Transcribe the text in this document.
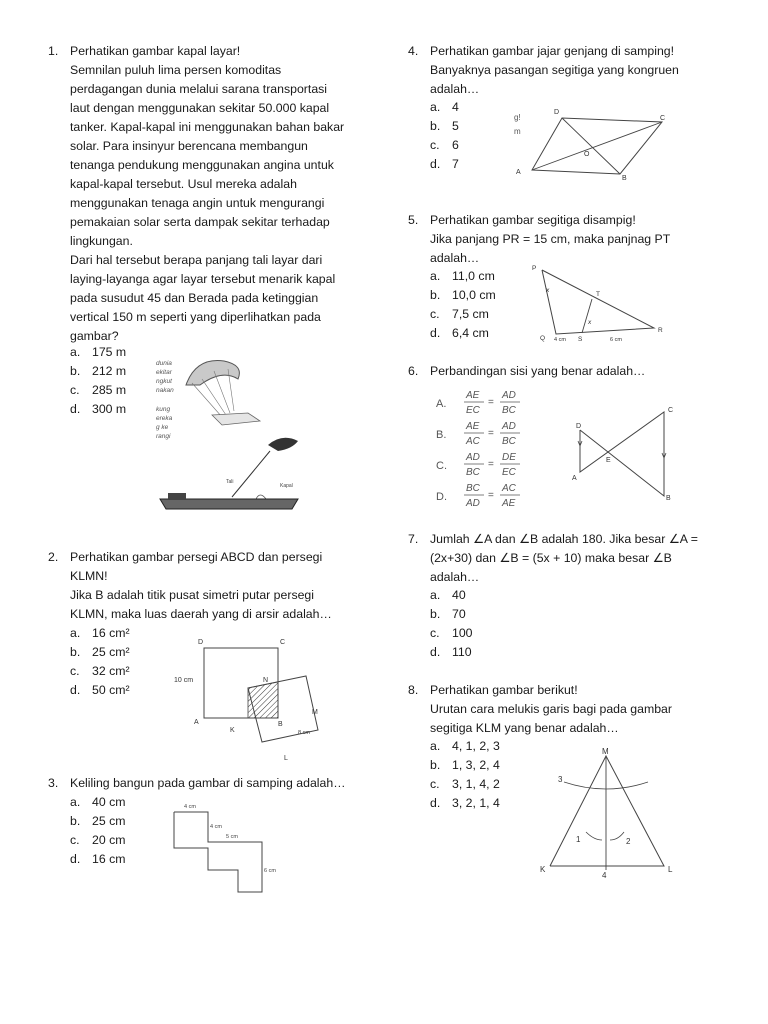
1. Perhatikan gambar kapal layar!
Semnilan puluh lima persen komoditas
perdagangan dunia melalui sarana transportasi
laut dengan menggunakan sekitar 50.000 kapal
tanker. Kapal-kapal ini menggunakan bahan bakar
solar. Para insinyur berencana membangun
tenanga pendukung menggunakan angina untuk
kapal-kapal tersebut. Usul mereka adalah
menggunakan tenaga angin untuk mengurangi
pemakaian solar serta dampak sekitar terhadap
lingkungan.
Dari hal tersebut berapa panjang tali layar dari
laying-layanga agar layar tersebut menarik kapal
pada susudut 45 dan Berada pada ketinggian
vertical 150 m seperti yang diperlihatkan pada
gambar?
a. 175 m
b. 212 m
c. 285 m
d. 300 m
dunia
ekitar
ngkut
nakan
kung
ereka
g ke
rangi
Tali
Kapal
2. Perhatikan gambar persegi ABCD dan persegi
KLMN!
Jika B adalah titik pusat simetri putar persegi
KLMN, maka luas daerah yang di arsir adalah…
a. 16 cm²
b. 25 cm²
c. 32 cm²
d. 50 cm²
D	C
A	B
K
N
M
L
10 cm
8 cm
3. Keliling bangun pada gambar di samping adalah…
a. 40 cm
b. 25 cm
c. 20 cm
d. 16 cm
4 cm
4 cm
5 cm
6 cm
4. Perhatikan gambar jajar genjang di samping!
Banyaknya pasangan segitiga yang kongruen
adalah…
a. 4
b. 5
c. 6
d. 7
g!
m
D
C
A
B
O
5. Perhatikan gambar segitiga disampig!
Jika panjang PR = 15 cm, maka panjnag PT
adalah…
a. 11,0 cm
b. 10,0 cm
c. 7,5 cm
d. 6,4 cm
P
T
Q	S
R
x
x
4 cm	6 cm
6. Perbandingan sisi yang benar adalah…
A.
AE
EC
=
AD
BC
B.
AE
AC
=
AD
BC
C.
AD
BC
=
DE
EC
D.
BC
AD
=
AC
AE
D
C
E
A
B
7. Jumlah ∠A dan ∠B adalah 180. Jika besar ∠A =
(2x+30) dan ∠B = (5x + 10) maka besar ∠B
adalah…
a. 40
b. 70
c. 100
d. 110
8. Perhatikan gambar berikut!
Urutan cara melukis garis bagi pada gambar
segitiga KLM yang benar adalah…
a. 4, 1, 2, 3
b. 1, 3, 2, 4
c. 3, 1, 4, 2
d. 3, 2, 1, 4
M
K	L
1	2
3
4
